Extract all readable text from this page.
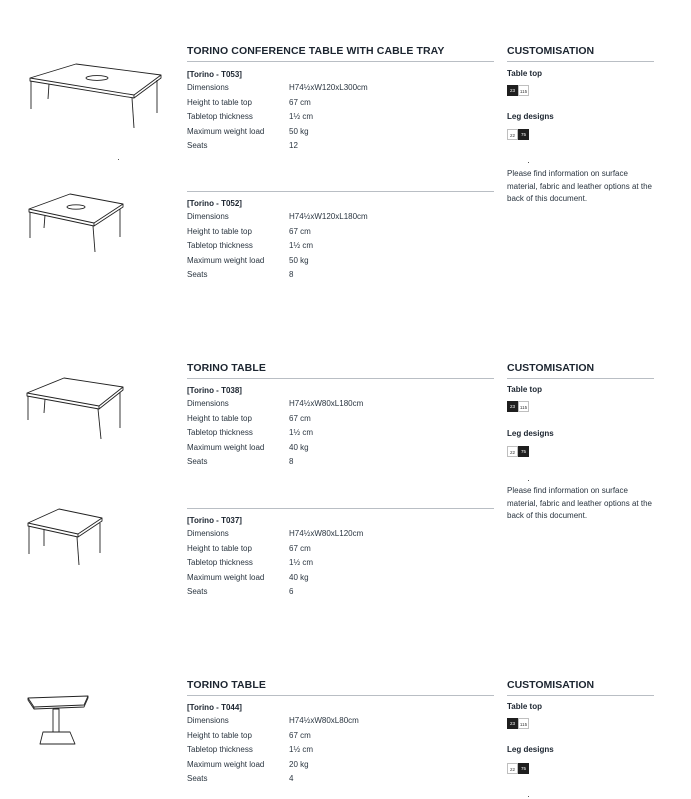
TORINO CONFERENCE TABLE WITH CABLE TRAY
[Torino - T053]
Dimensions	H74½xW120xL300cm
Height to table top	67 cm
Tabletop thickness	1½ cm
Maximum weight load	50 kg
Seats	12
[Torino - T052]
Dimensions	H74½xW120xL180cm
Height to table top	67 cm
Tabletop thickness	1½ cm
Maximum weight load	50 kg
Seats	8
CUSTOMISATION
Table top
23	115
Leg designs
22	75
Please find information on surface material, fabric and leather options at the back of this document.
TORINO TABLE
[Torino - T038]
Dimensions	H74½xW80xL180cm
Height to table top	67 cm
Tabletop thickness	1½ cm
Maximum weight load	40 kg
Seats	8
[Torino - T037]
Dimensions	H74½xW80xL120cm
Height to table top	67 cm
Tabletop thickness	1½ cm
Maximum weight load	40 kg
Seats	6
CUSTOMISATION
Table top
23	115
Leg designs
22	75
Please find information on surface material, fabric and leather options at the back of this document.
TORINO TABLE
[Torino - T044]
Dimensions	H74½xW80xL80cm
Height to table top	67 cm
Tabletop thickness	1½ cm
Maximum weight load	20 kg
Seats	4
CUSTOMISATION
Table top
23	115
Leg designs
22	75
